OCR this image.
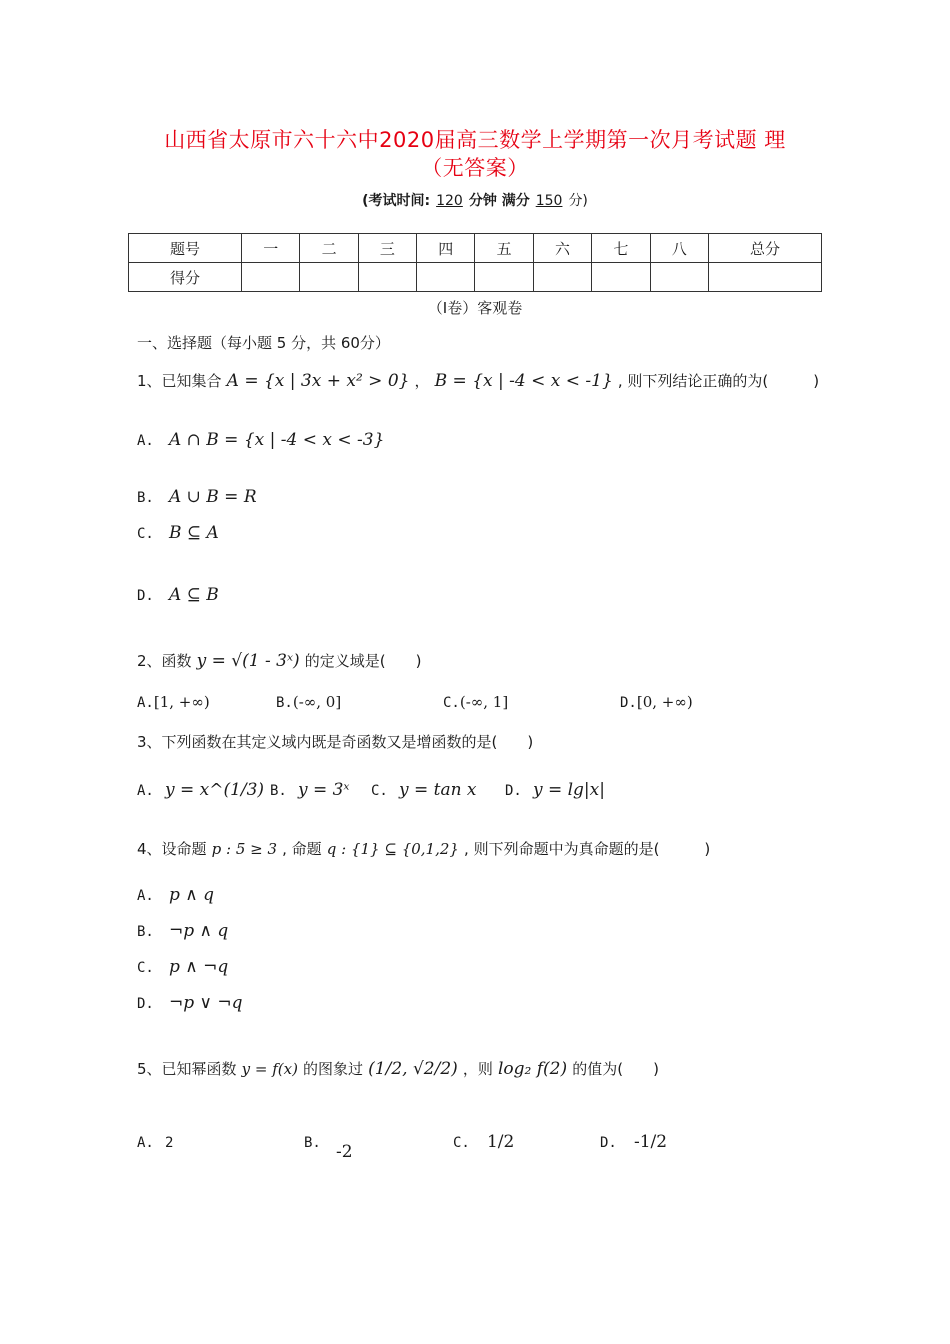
山西省太原市六十六中2020届高三数学上学期第一次月考试题 理
（无答案）
(考试时间: 120 分钟 满分 150 分)
题号	一	二	三	四	五	六	七	八	总分
得分									
（I卷）客观卷
一、选择题（每小题 5 分，共 60分）
1、已知集合 A = {x | 3x + x² > 0} ， B = {x | -4 < x < -1} , 则下列结论正确的为(　　　)
A. A ∩ B = {x | -4 < x < -3}
B. A ∪ B = R
C. B ⊆ A
D. A ⊆ B
2、函数 y = √(1 - 3ˣ) 的定义域是(　　)
A.[1, +∞)	B.(-∞, 0]	C.(-∞, 1]	D.[0, +∞)
3、下列函数在其定义域内既是奇函数又是增函数的是(　　)
A. y = x^(1/3) B. y = 3ˣ C. y = tan x D. y = lg|x|
4、设命题 p : 5 ≥ 3 , 命题 q : {1} ⊆ {0,1,2} , 则下列命题中为真命题的是(　　　)
A. p ∧ q
B. ¬p ∧ q
C. p ∧ ¬q
D. ¬p ∨ ¬q
5、已知幂函数 y = f(x) 的图象过 (1/2, √2/2) ，则 log₂ f(2) 的值为(　　)
A. 2	B. -2	C. 1/2	D. -1/2
